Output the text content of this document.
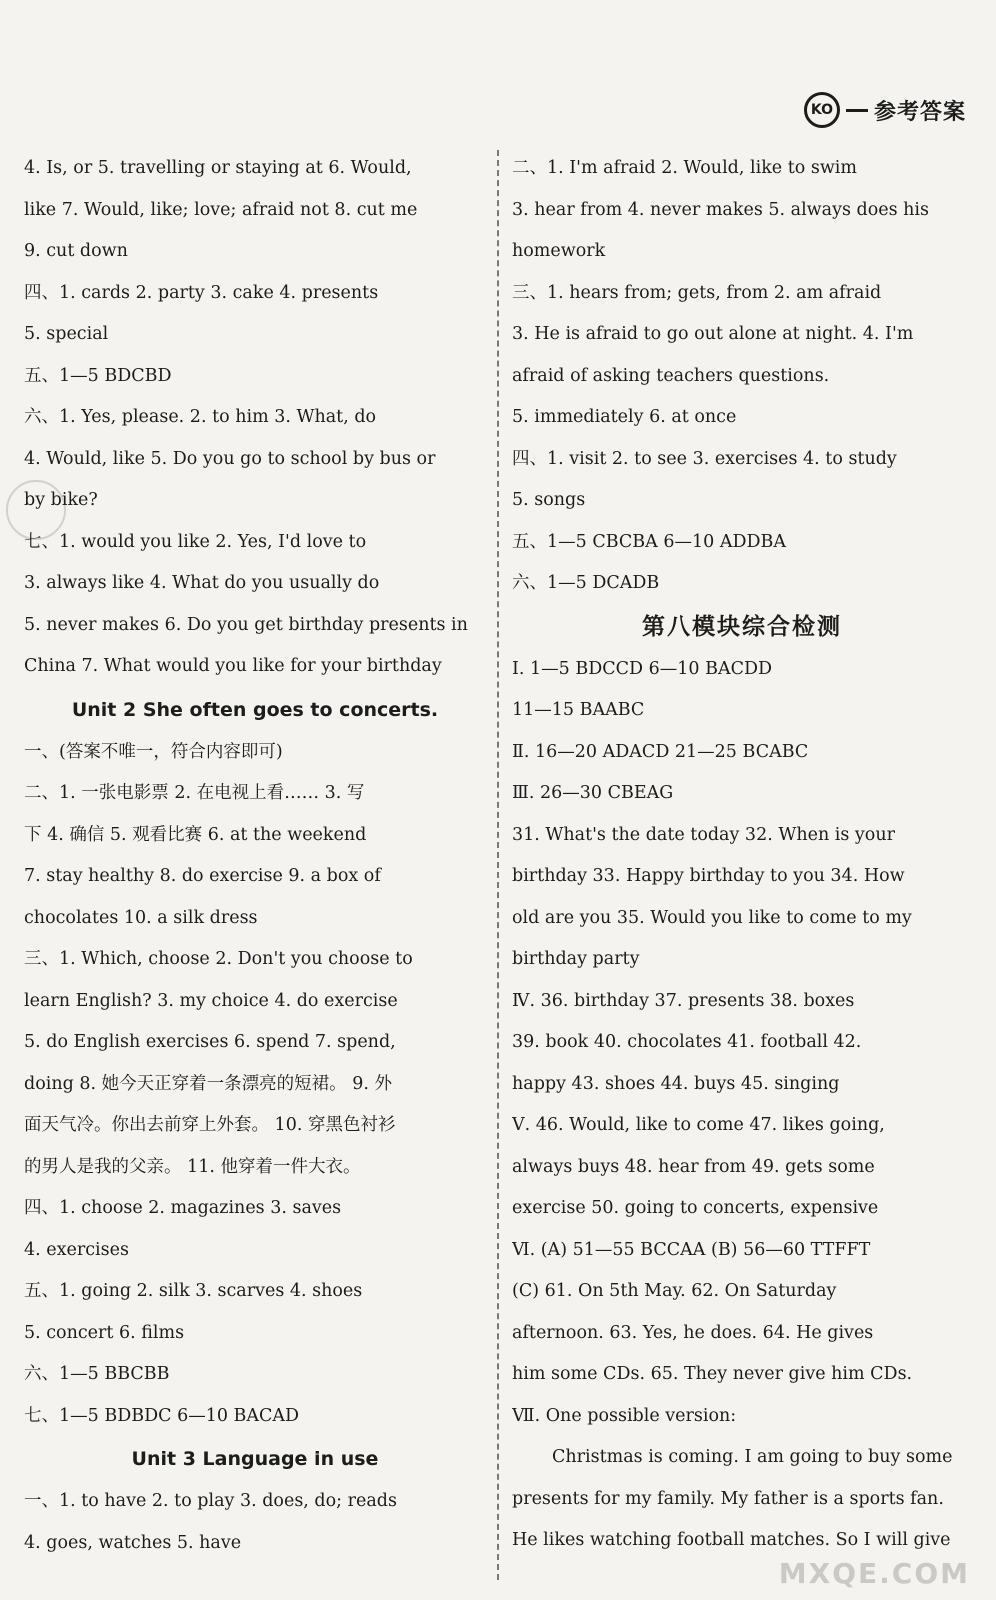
KO 参考答案
4. Is, or 5. travelling or staying at 6. Would,
like 7. Would, like; love; afraid not 8. cut me
9. cut down
四、1. cards 2. party 3. cake 4. presents
5. special
五、1—5 BDCBD
六、1. Yes, please. 2. to him 3. What, do
4. Would, like 5. Do you go to school by bus or
by bike?
七、1. would you like 2. Yes, I'd love to
3. always like 4. What do you usually do
5. never makes 6. Do you get birthday presents in
China 7. What would you like for your birthday
Unit 2 She often goes to concerts.
一、(答案不唯一，符合内容即可)
二、1. 一张电影票 2. 在电视上看…… 3. 写
下 4. 确信 5. 观看比赛 6. at the weekend
7. stay healthy 8. do exercise 9. a box of
chocolates 10. a silk dress
三、1. Which, choose 2. Don't you choose to
learn English? 3. my choice 4. do exercise
5. do English exercises 6. spend 7. spend,
doing 8. 她今天正穿着一条漂亮的短裙。 9. 外
面天气冷。你出去前穿上外套。 10. 穿黑色衬衫
的男人是我的父亲。 11. 他穿着一件大衣。
四、1. choose 2. magazines 3. saves
4. exercises
五、1. going 2. silk 3. scarves 4. shoes
5. concert 6. films
六、1—5 BBCBB
七、1—5 BDBDC 6—10 BACAD
Unit 3 Language in use
一、1. to have 2. to play 3. does, do; reads
4. goes, watches 5. have
二、1. I'm afraid 2. Would, like to swim
3. hear from 4. never makes 5. always does his
homework
三、1. hears from; gets, from 2. am afraid
3. He is afraid to go out alone at night. 4. I'm
afraid of asking teachers questions.
5. immediately 6. at once
四、1. visit 2. to see 3. exercises 4. to study
5. songs
五、1—5 CBCBA 6—10 ADDBA
六、1—5 DCADB
第八模块综合检测
Ⅰ. 1—5 BDCCD 6—10 BACDD
11—15 BAABC
Ⅱ. 16—20 ADACD 21—25 BCABC
Ⅲ. 26—30 CBEAG
31. What's the date today 32. When is your
birthday 33. Happy birthday to you 34. How
old are you 35. Would you like to come to my
birthday party
Ⅳ. 36. birthday 37. presents 38. boxes
39. book 40. chocolates 41. football 42.
happy 43. shoes 44. buys 45. singing
Ⅴ. 46. Would, like to come 47. likes going,
always buys 48. hear from 49. gets some
exercise 50. going to concerts, expensive
Ⅵ. (A) 51—55 BCCAA (B) 56—60 TTFFT
(C) 61. On 5th May. 62. On Saturday
afternoon. 63. Yes, he does. 64. He gives
him some CDs. 65. They never give him CDs.
Ⅶ. One possible version:
Christmas is coming. I am going to buy some
presents for my family. My father is a sports fan.
He likes watching football matches. So I will give
MXQE.COM
